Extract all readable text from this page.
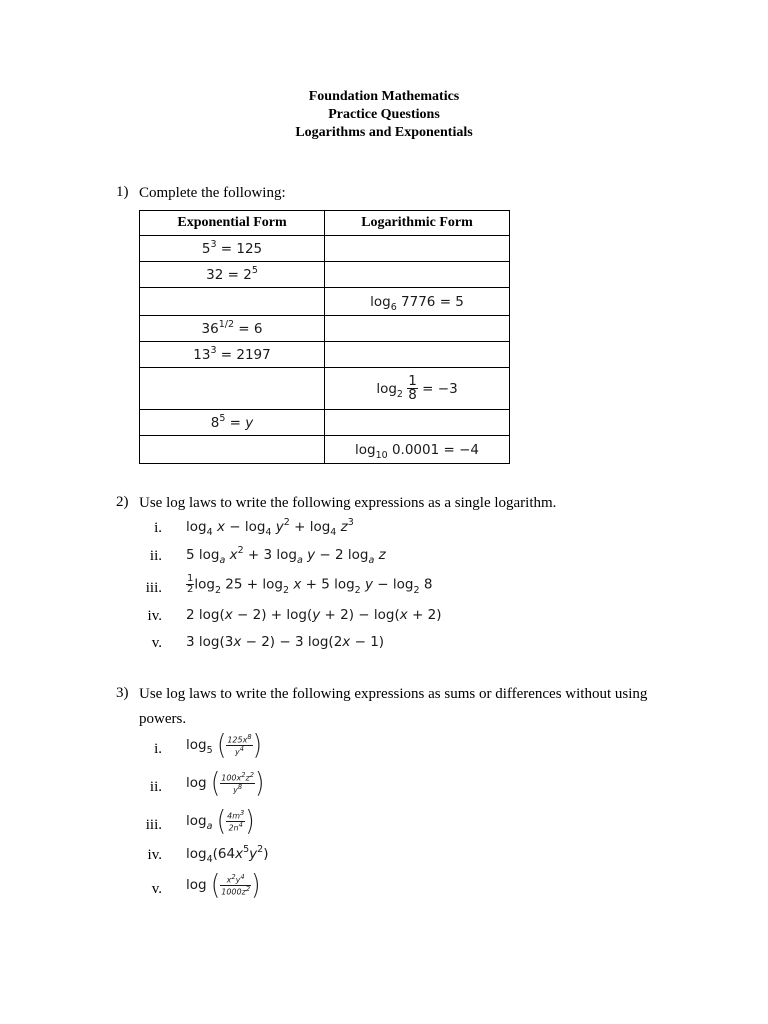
Foundation Mathematics
Practice Questions
Logarithms and Exponentials
1) Complete the following:
Exponential Form	Logarithmic Form
$5^3 = 125$	
$32 = 2^5$	
	$\log_6 7776 = 5$
$36^{1/2} = 6$	
$13^3 = 2197$	
	$\log_2 \frac{1}{8} = -3$
$8^5 = y$	
	$\log_{10} 0.0001 = -4$
2) Use log laws to write the following expressions as a single logarithm.
i. $\log_4 x - \log_4 y^2 + \log_4 z^3$
ii. 5 $\log_a x^2 + 3$ $\log_a y - 2$ $\log_a z$
iii. $\frac{1}{2} \log_2 25 + \log_2 x + 5$ $\log_2 y - \log_2 8$
iv. 2 log(x − 2) + log(y + 2) − log(x + 2)
v. 3 log(3x − 2) − 3 log(2x − 1)
3) Use log laws to write the following expressions as sums or differences without using
powers.
i. $\log_5$ ( $\frac{125x^8}{y^4}$ )
ii. log ( $\frac{100x^2z^2}{y^8}$ )
iii. $\log_a$ ( $\frac{4m^3}{2n^4}$ )
iv. $\log_4(64x^5y^2)$
v. log ( $\frac{x^2y^4}{1000z^2}$ )
